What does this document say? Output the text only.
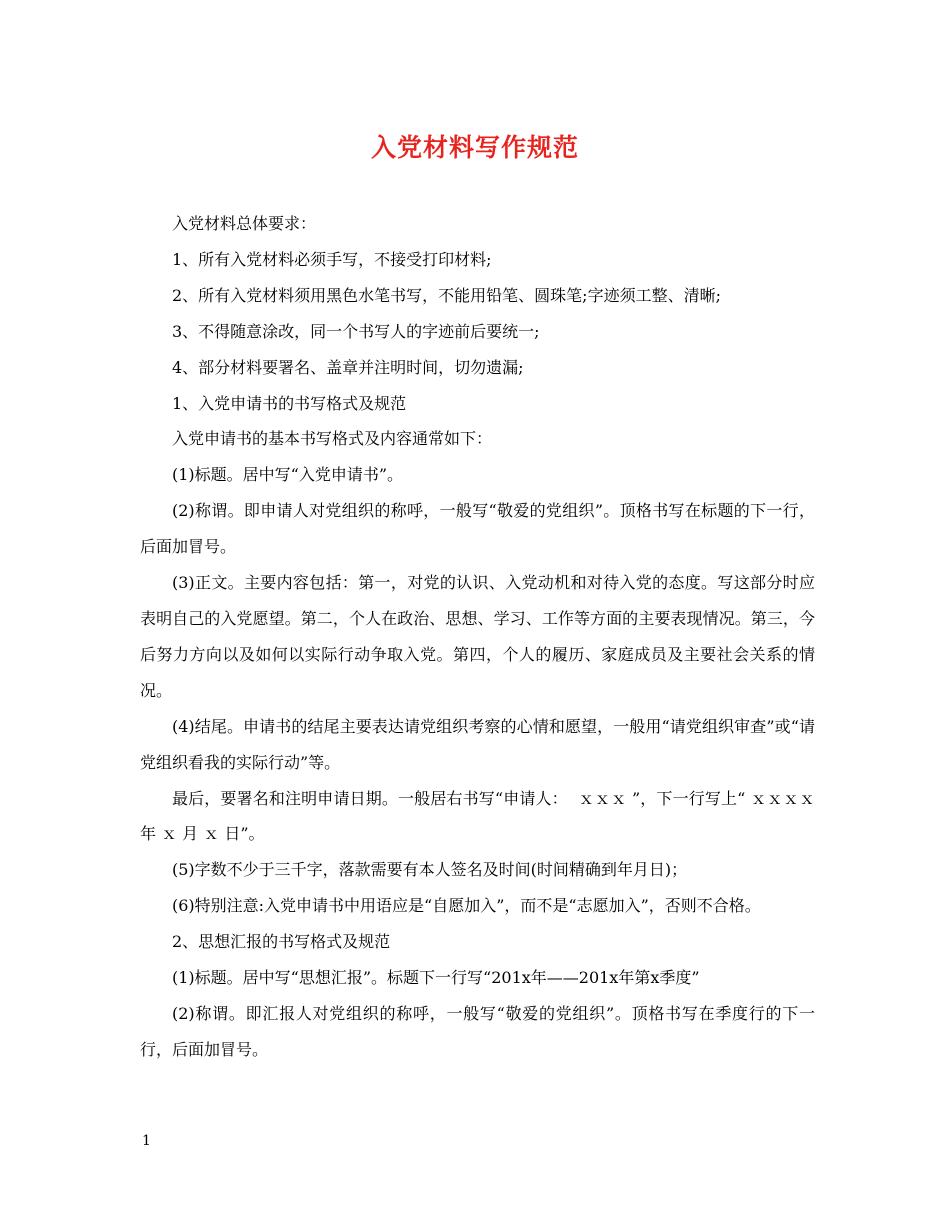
入党材料写作规范

入党材料总体要求：

1、所有入党材料必须手写，不接受打印材料;

2、所有入党材料须用黑色水笔书写，不能用铅笔、圆珠笔;字迹须工整、清晰;

3、不得随意涂改，同一个书写人的字迹前后要统一;

4、部分材料要署名、盖章并注明时间，切勿遗漏;

1、入党申请书的书写格式及规范

入党申请书的基本书写格式及内容通常如下：

(1)标题。居中写“入党申请书”。

(2)称谓。即申请人对党组织的称呼，一般写“敬爱的党组织”。顶格书写在标题的下一行，后面加冒号。

(3)正文。主要内容包括：第一，对党的认识、入党动机和对待入党的态度。写这部分时应表明自己的入党愿望。第二，个人在政治、思想、学习、工作等方面的主要表现情况。第三，今后努力方向以及如何以实际行动争取入党。第四，个人的履历、家庭成员及主要社会关系的情况。

(4)结尾。申请书的结尾主要表达请党组织考察的心情和愿望，一般用“请党组织审查”或“请党组织看我的实际行动”等。

最后，要署名和注明申请日期。一般居右书写“申请人：  ｘｘｘ ”，下一行写上“ ｘｘｘｘ 年 ｘ 月 ｘ 日”。

(5)字数不少于三千字，落款需要有本人签名及时间(时间精确到年月日)；

(6)特别注意:入党申请书中用语应是“自愿加入”，而不是“志愿加入”，否则不合格。

2、思想汇报的书写格式及规范

(1)标题。居中写“思想汇报”。标题下一行写“201x年——201x年第x季度”

(2)称谓。即汇报人对党组织的称呼，一般写“敬爱的党组织”。顶格书写在季度行的下一行，后面加冒号。

1
